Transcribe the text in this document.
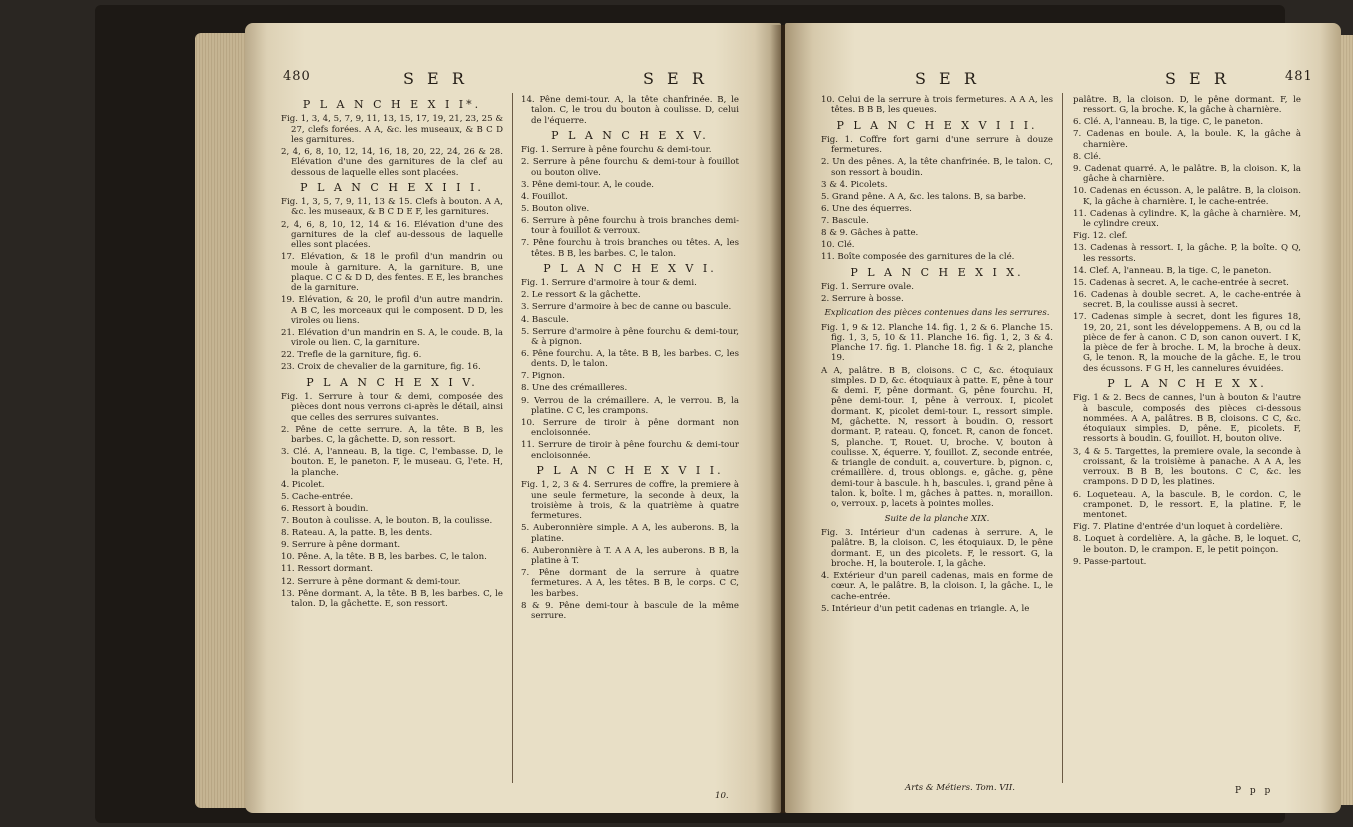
480	S E R	S E R

P L A N C H E X I I*.

Fig. 1, 3, 4, 5, 7, 9, 11, 13, 15, 17, 19, 21, 23, 25 & 27, clefs forées. A A, &c. les museaux, & B C D les garnitures.

2, 4, 6, 8, 10, 12, 14, 16, 18, 20, 22, 24, 26 & 28. Elévation d'une des garnitures de la clef au dessous de laquelle elles sont placées.

P L A N C H E X I I I.

Fig. 1, 3, 5, 7, 9, 11, 13 & 15. Clefs à bouton. A A, &c. les museaux, & B C D E F, les garnitures.

2, 4, 6, 8, 10, 12, 14 & 16. Elévation d'une des garnitures de la clef au-dessous de laquelle elles sont placées.

17. Elévation, & 18 le profil d'un mandrin ou moule à garniture. A, la garniture. B, une plaque. C C & D D, des fentes. E E, les branches de la garniture.

19. Elévation, & 20, le profil d'un autre mandrin. A B C, les morceaux qui le composent. D D, les viroles ou liens.

21. Elévation d'un mandrin en S. A, le coude. B, la virole ou lien. C, la garniture.

22. Trefle de la garniture, fig. 6.

23. Croix de chevalier de la garniture, fig. 16.

P L A N C H E X I V.

Fig. 1. Serrure à tour & demi, composée des pièces dont nous verrons ci-après le détail, ainsi que celles des serrures suivantes.

2. Pêne de cette serrure. A, la tête. B B, les barbes. C, la gâchette. D, son ressort.

3. Clé. A, l'anneau. B, la tige. C, l'embasse. D, le bouton. E, le paneton. F, le museau. G, l'ete. H, la planche.

4. Picolet.

5. Cache-entrée.

6. Ressort à boudin.

7. Bouton à coulisse. A, le bouton. B, la coulisse.

8. Rateau. A, la patte. B, les dents.

9. Serrure à pêne dormant.

10. Pêne. A, la tête. B B, les barbes. C, le talon.

11. Ressort dormant.

12. Serrure à pêne dormant & demi-tour.

13. Pêne dormant. A, la tête. B B, les barbes. C, le talon. D, la gâchette. E, son ressort.

14. Pêne demi-tour. A, la tête chanfrinée. B, le talon. C, le trou du bouton à coulisse. D, celui de l'équerre.

P L A N C H E X V.

Fig. 1. Serrure à pêne fourchu & demi-tour.

2. Serrure à pêne fourchu & demi-tour à fouillot ou bouton olive.

3. Pêne demi-tour. A, le coude.

4. Fouillot.

5. Bouton olive.

6. Serrure à pêne fourchu à trois branches demi-tour à fouillot & verroux.

7. Pêne fourchu à trois branches ou têtes. A, les têtes. B B, les barbes. C, le talon.

P L A N C H E X V I.

Fig. 1. Serrure d'armoire à tour & demi.

2. Le ressort & la gâchette.

3. Serrure d'armoire à bec de canne ou bascule.

4. Bascule.

5. Serrure d'armoire à pêne fourchu & demi-tour, & à pignon.

6. Pêne fourchu. A, la tête. B B, les barbes. C, les dents. D, le talon.

7. Pignon.

8. Une des crémailleres.

9. Verrou de la crémaillere. A, le verrou. B, la platine. C C, les crampons.

10. Serrure de tiroir à pêne dormant non encloisonnée.

11. Serrure de tiroir à pêne fourchu & demi-tour encloisonnée.

P L A N C H E X V I I.

Fig. 1, 2, 3 & 4. Serrures de coffre, la premiere à une seule fermeture, la seconde à deux, la troisième à trois, & la quatrième à quatre fermetures.

5. Auberonnière simple. A A, les auberons. B, la platine.

6. Auberonnière à T. A A A, les auberons. B B, la platine à T.

7. Pêne dormant de la serrure à quatre fermetures. A A, les têtes. B B, le corps. C C, les barbes.

8 & 9. Pêne demi-tour à bascule de la même serrure.

10.
S E R	S E R	481

10. Celui de la serrure à trois fermetures. A A A, les têtes. B B B, les queues.

P L A N C H E X V I I I.

Fig. 1. Coffre fort garni d'une serrure à douze fermetures.

2. Un des pênes. A, la tête chanfrinée. B, le talon. C, son ressort à boudin.

3 & 4. Picolets.

5. Grand pêne. A A, &c. les talons. B, sa barbe.

6. Une des équerres.

7. Bascule.

8 & 9. Gâches à patte.

10. Clé.

11. Boîte composée des garnitures de la clé.

P L A N C H E X I X.

Fig. 1. Serrure ovale.

2. Serrure à bosse.

Explication des pièces contenues dans les serrures.

Fig. 1, 9 & 12. Planche 14. fig. 1, 2 & 6. Planche 15. fig. 1, 3, 5, 10 & 11. Planche 16. fig. 1, 2, 3 & 4. Planche 17. fig. 1. Planche 18. fig. 1 & 2, planche 19.

A A, palâtre. B B, cloisons. C C, &c. étoquiaux simples. D D, &c. étoquiaux à patte. E, pêne à tour & demi. F, pêne dormant. G, pêne fourchu. H, pêne demi-tour. I, pêne à verroux. I, picolet dormant. K, picolet demi-tour. L, ressort simple. M, gâchette. N, ressort à boudin. O, ressort dormant. P, rateau. Q, foncet. R, canon de foncet. S, planche. T, Rouet. U, broche. V, bouton à coulisse. X, équerre. Y, fouillot. Z, seconde entrée, & triangle de conduit. a, couverture. b, pignon. c, crémaillère. d, trous oblongs. e, gâche. g, pêne demi-tour à bascule. h h, bascules. i, grand pêne à talon. k, boîte. l m, gâches à pattes. n, moraillon. o, verroux. p, lacets à pointes molles.

Suite de la planche XIX.

Fig. 3. Intérieur d'un cadenas à serrure. A, le palâtre. B, la cloison. C, les étoquiaux. D, le pêne dormant. E, un des picolets. F, le ressort. G, la broche. H, la bouterole. I, la gâche.

4. Extérieur d'un pareil cadenas, mais en forme de cœur. A, le palâtre. B, la cloison. I, la gâche. L, le cache-entrée.

5. Intérieur d'un petit cadenas en triangle. A, le

palâtre. B, la cloison. D, le pêne dormant. F, le ressort. G, la broche. K, la gâche à charnière.

6. Clé. A, l'anneau. B, la tige. C, le paneton.

7. Cadenas en boule. A, la boule. K, la gâche à charnière.

8. Clé.

9. Cadenat quarré. A, le palâtre. B, la cloison. K, la gâche à charnière.

10. Cadenas en écusson. A, le palâtre. B, la cloison. K, la gâche à charnière. I, le cache-entrée.

11. Cadenas à cylindre. K, la gâche à charnière. M, le cylindre creux.

Fig. 12. clef.

13. Cadenas à ressort. I, la gâche. P, la boîte. Q Q, les ressorts.

14. Clef. A, l'anneau. B, la tige. C, le paneton.

15. Cadenas à secret. A, le cache-entrée à secret.

16. Cadenas à double secret. A, le cache-entrée à secret. B, la coulisse aussi à secret.

17. Cadenas simple à secret, dont les figures 18, 19, 20, 21, sont les développemens. A B, ou cd la pièce de fer à canon. C D, son canon ouvert. I K, la pièce de fer à broche. L M, la broche à deux. G, le tenon. R, la mouche de la gâche. E, le trou des écussons. F G H, les cannelures évuidées.

P L A N C H E X X.

Fig. 1 & 2. Becs de cannes, l'un à bouton & l'autre à bascule, composés des pièces ci-dessous nommées. A A, palâtres. B B, cloisons. C C, &c. étoquiaux simples. D, pêne. E, picolets. F, ressorts à boudin. G, fouillot. H, bouton olive.

3, 4 & 5. Targettes, la premiere ovale, la seconde à croissant, & la troisième à panache. A A A, les verroux. B B B, les boutons. C C, &c. les crampons. D D D, les platines.

6. Loqueteau. A, la bascule. B, le cordon. C, le cramponet. D, le ressort. E, la platine. F, le mentonet.

Fig. 7. Platine d'entrée d'un loquet à cordelière.

8. Loquet à cordelière. A, la gâche. B, le loquet. C, le bouton. D, le crampon. E, le petit poinçon.

9. Passe-partout.

Arts & Métiers. Tom. VII.	P p p
